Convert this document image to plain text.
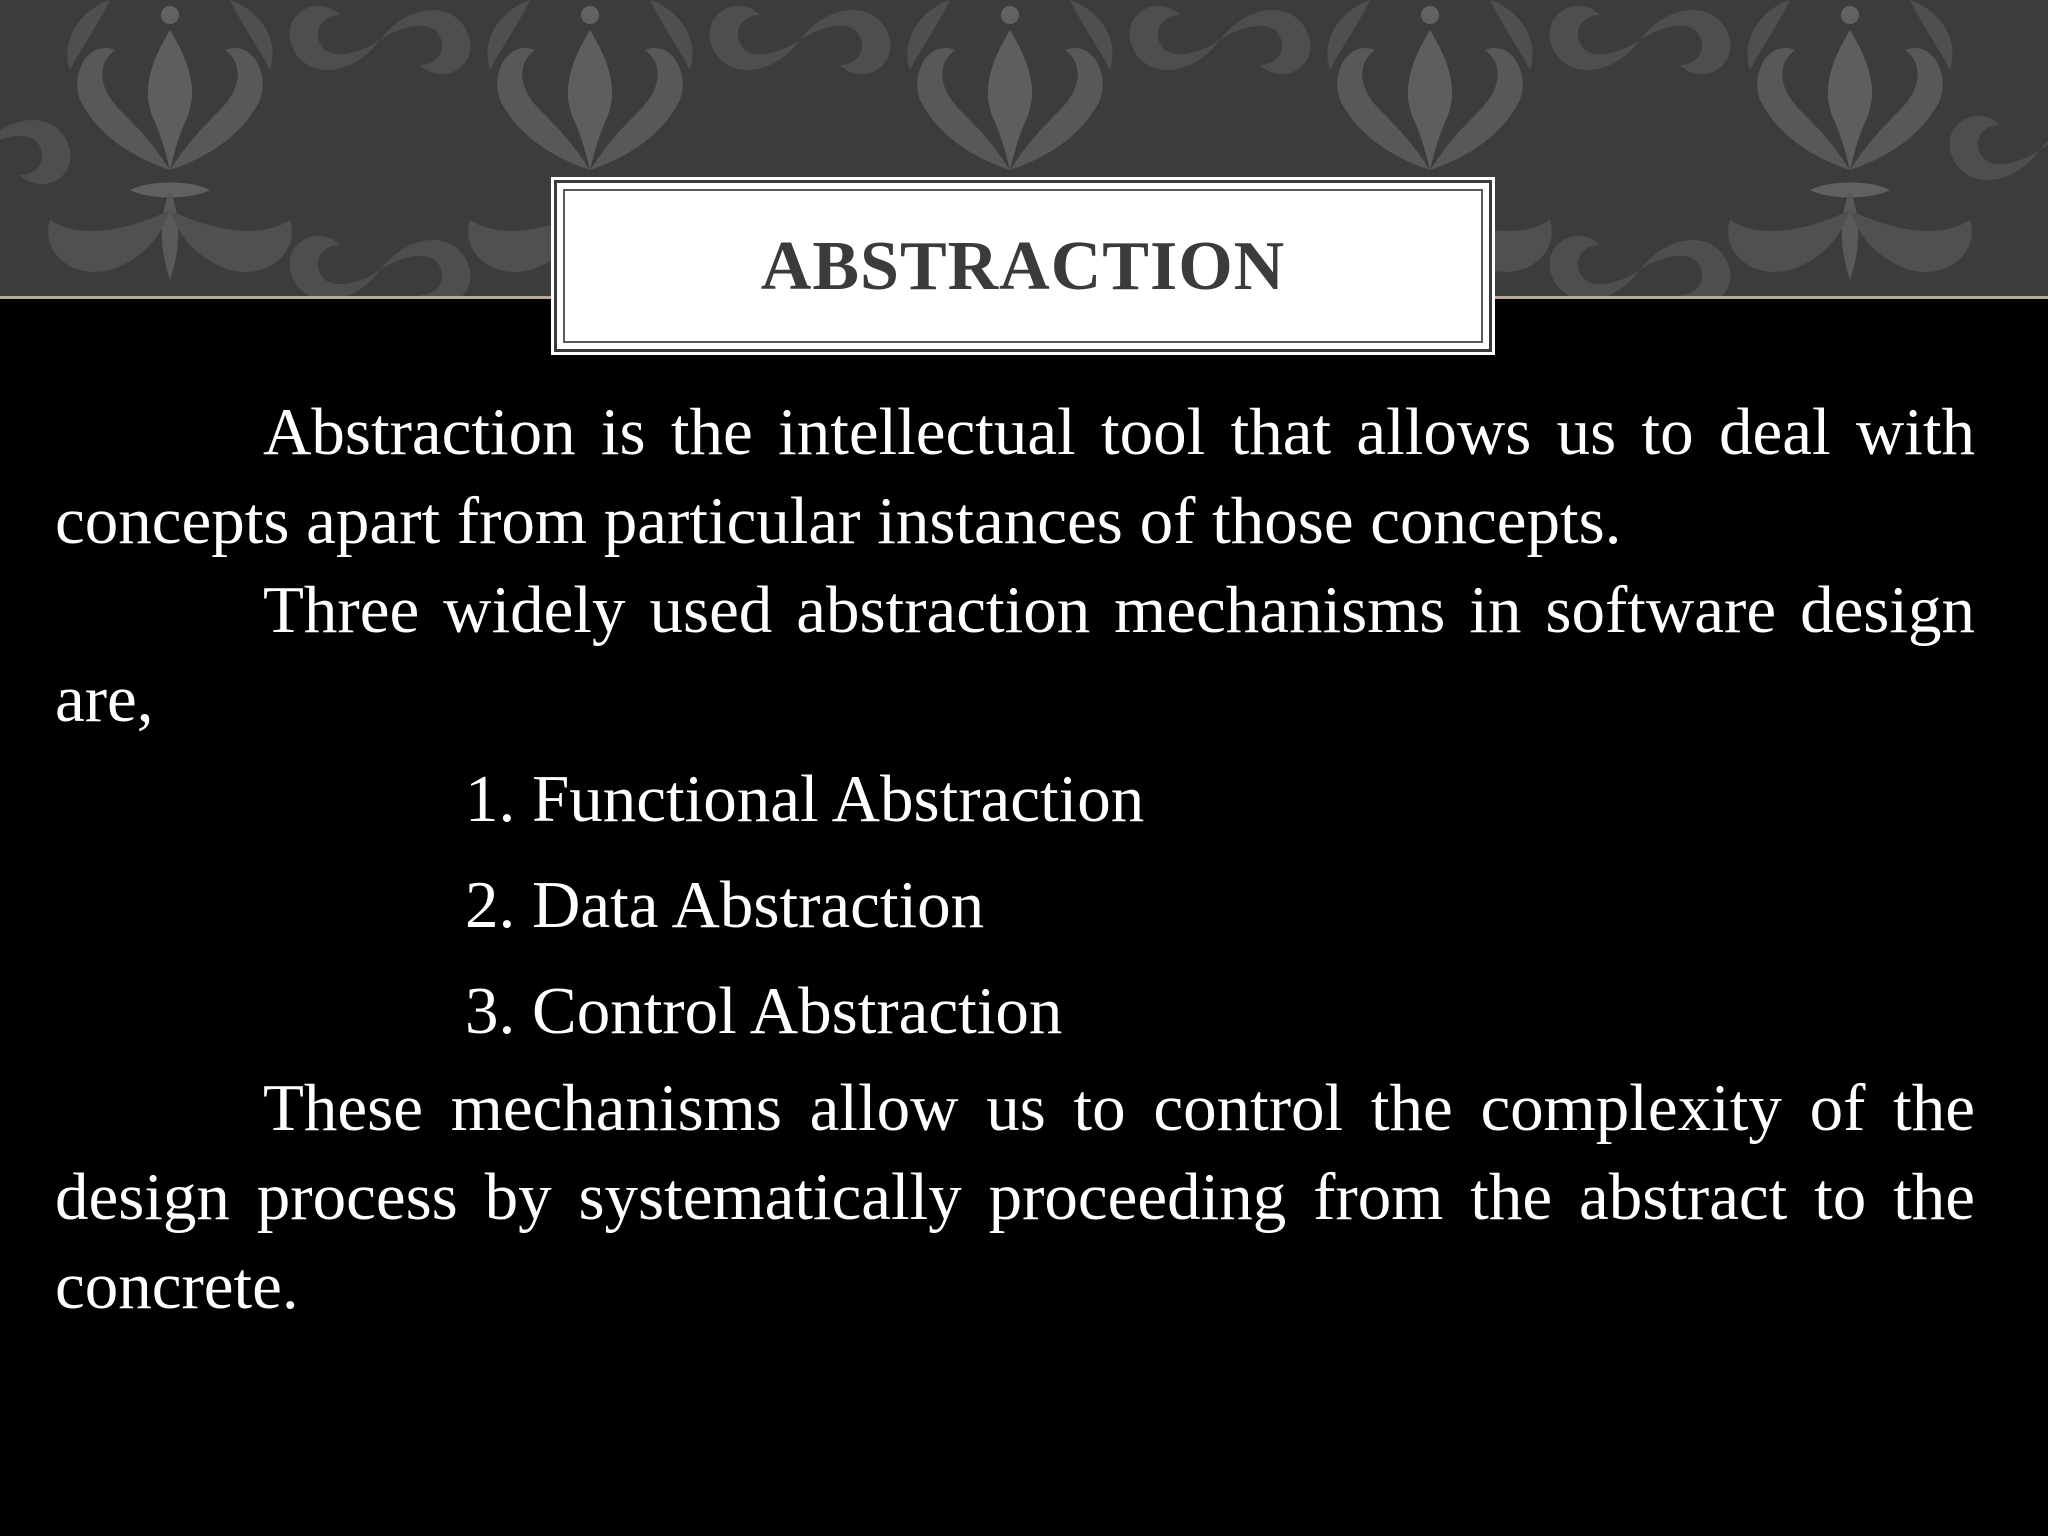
ABSTRACTION

Abstraction is the intellectual tool that allows us to deal with concepts apart from particular instances of those concepts.

Three widely used abstraction mechanisms in software design are,

1. Functional Abstraction
2. Data Abstraction
3. Control Abstraction

These mechanisms allow us to control the complexity of the design process by systematically proceeding from the abstract to the concrete.
